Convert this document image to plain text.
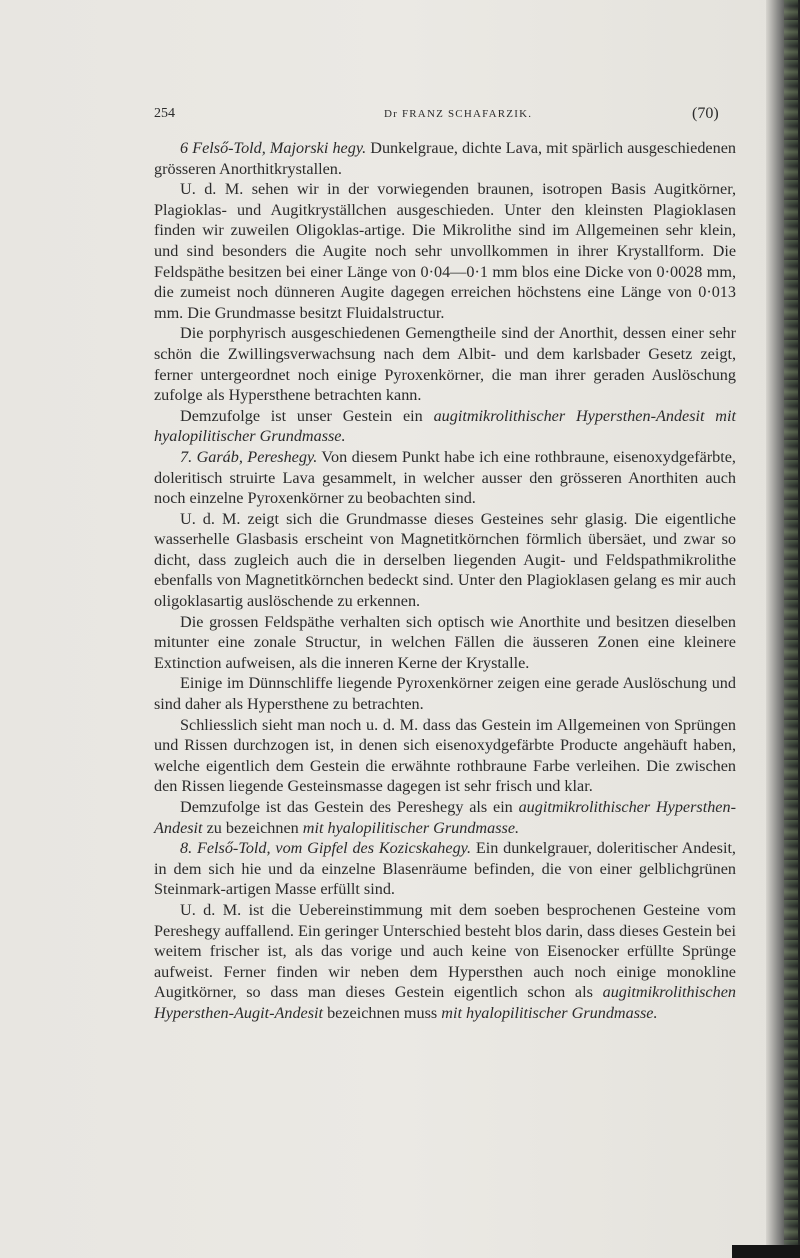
254	Dr FRANZ SCHAFARZIK.	(70)

6 Felső-Told, Majorski hegy. Dunkelgraue, dichte Lava, mit spärlich ausgeschiedenen grösseren Anorthitkrystallen.

U. d. M. sehen wir in der vorwiegenden braunen, isotropen Basis Augitkörner, Plagioklas- und Augitkryställchen ausgeschieden. Unter den kleinsten Plagioklasen finden wir zuweilen Oligoklas-artige. Die Mikrolithe sind im Allgemeinen sehr klein, und sind besonders die Augite noch sehr unvollkommen in ihrer Krystallform. Die Feldspäthe besitzen bei einer Länge von 0·04—0·1 mm blos eine Dicke von 0·0028 mm, die zumeist noch dünneren Augite dagegen erreichen höchstens eine Länge von 0·013 mm. Die Grundmasse besitzt Fluidalstructur.

Die porphyrisch ausgeschiedenen Gemengtheile sind der Anorthit, dessen einer sehr schön die Zwillingsverwachsung nach dem Albit- und dem karlsbader Gesetz zeigt, ferner untergeordnet noch einige Pyroxenkörner, die man ihrer geraden Auslöschung zufolge als Hypersthene betrachten kann.

Demzufolge ist unser Gestein ein augitmikrolithischer Hypersthen-Andesit mit hyalopilitischer Grundmasse.

7. Garáb, Pereshegy. Von diesem Punkt habe ich eine rothbraune, eisenoxydgefärbte, doleritisch struirte Lava gesammelt, in welcher ausser den grösseren Anorthiten auch noch einzelne Pyroxenkörner zu beobachten sind.

U. d. M. zeigt sich die Grundmasse dieses Gesteines sehr glasig. Die eigentliche wasserhelle Glasbasis erscheint von Magnetitkörnchen förmlich übersäet, und zwar so dicht, dass zugleich auch die in derselben liegenden Augit- und Feldspathmikrolithe ebenfalls von Magnetitkörnchen bedeckt sind. Unter den Plagioklasen gelang es mir auch oligoklasartig auslöschende zu erkennen.

Die grossen Feldspäthe verhalten sich optisch wie Anorthite und besitzen dieselben mitunter eine zonale Structur, in welchen Fällen die äusseren Zonen eine kleinere Extinction aufweisen, als die inneren Kerne der Krystalle.

Einige im Dünnschliffe liegende Pyroxenkörner zeigen eine gerade Auslöschung und sind daher als Hypersthene zu betrachten.

Schliesslich sieht man noch u. d. M. dass das Gestein im Allgemeinen von Sprüngen und Rissen durchzogen ist, in denen sich eisenoxydgefärbte Producte angehäuft haben, welche eigentlich dem Gestein die erwähnte rothbraune Farbe verleihen. Die zwischen den Rissen liegende Gesteinsmasse dagegen ist sehr frisch und klar.

Demzufolge ist das Gestein des Pereshegy als ein augitmikrolithischer Hypersthen-Andesit zu bezeichnen mit hyalopilitischer Grundmasse.

8. Felső-Told, vom Gipfel des Kozicskahegy. Ein dunkelgrauer, doleritischer Andesit, in dem sich hie und da einzelne Blasenräume befinden, die von einer gelblichgrünen Steinmark-artigen Masse erfüllt sind.

U. d. M. ist die Uebereinstimmung mit dem soeben besprochenen Gesteine vom Pereshegy auffallend. Ein geringer Unterschied besteht blos darin, dass dieses Gestein bei weitem frischer ist, als das vorige und auch keine von Eisenocker erfüllte Sprünge aufweist. Ferner finden wir neben dem Hypersthen auch noch einige monokline Augitkörner, so dass man dieses Gestein eigentlich schon als augitmikrolithischen Hypersthen-Augit-Andesit bezeichnen muss mit hyalopilitischer Grundmasse.
